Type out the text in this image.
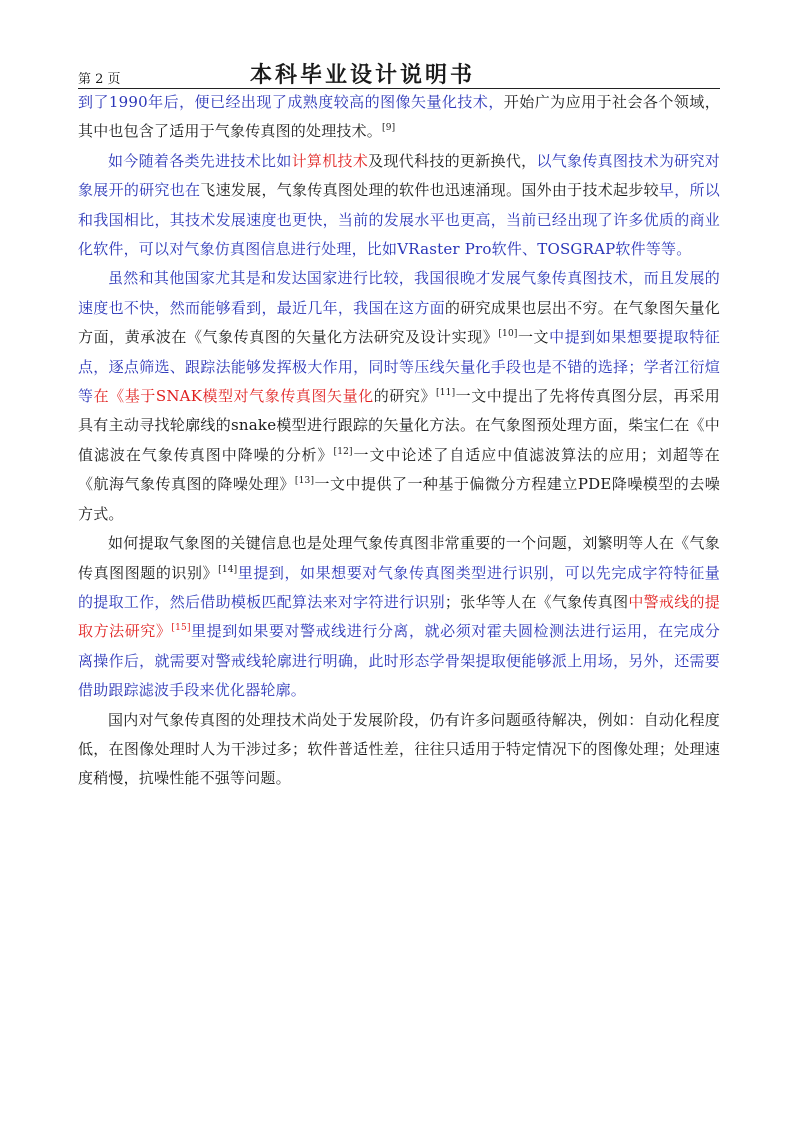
第 2 页	本科毕业设计说明书

到了1990年后，便已经出现了成熟度较高的图像矢量化技术，开始广为应用于社会各个领域，其中也包含了适用于气象传真图的处理技术。[9]

如今随着各类先进技术比如计算机技术及现代科技的更新换代，以气象传真图技术为研究对象展开的研究也在飞速发展，气象传真图处理的软件也迅速涌现。国外由于技术起步较早，所以和我国相比，其技术发展速度也更快，当前的发展水平也更高，当前已经出现了许多优质的商业化软件，可以对气象仿真图信息进行处理，比如VRaster Pro软件、TOSGRAP软件等等。

虽然和其他国家尤其是和发达国家进行比较，我国很晚才发展气象传真图技术，而且发展的速度也不快，然而能够看到，最近几年，我国在这方面的研究成果也层出不穷。在气象图矢量化方面，黄承波在《气象传真图的矢量化方法研究及设计实现》[10]一文中提到如果想要提取特征点，逐点筛选、跟踪法能够发挥极大作用，同时等压线矢量化手段也是不错的选择；学者江衍煊等在《基于SNAK模型对气象传真图矢量化的研究》[11]一文中提出了先将传真图分层，再采用具有主动寻找轮廓线的snake模型进行跟踪的矢量化方法。在气象图预处理方面，柴宝仁在《中值滤波在气象传真图中降噪的分析》[12]一文中论述了自适应中值滤波算法的应用；刘超等在《航海气象传真图的降噪处理》[13]一文中提供了一种基于偏微分方程建立PDE降噪模型的去噪方式。

如何提取气象图的关键信息也是处理气象传真图非常重要的一个问题，刘繁明等人在《气象传真图图题的识别》[14]里提到，如果想要对气象传真图类型进行识别，可以先完成字符特征量的提取工作，然后借助模板匹配算法来对字符进行识别；张华等人在《气象传真图中警戒线的提取方法研究》[15]里提到如果要对警戒线进行分离，就必须对霍夫圆检测法进行运用，在完成分离操作后，就需要对警戒线轮廓进行明确，此时形态学骨架提取便能够派上用场，另外，还需要借助跟踪滤波手段来优化器轮廓。

国内对气象传真图的处理技术尚处于发展阶段，仍有许多问题亟待解决，例如：自动化程度低，在图像处理时人为干涉过多；软件普适性差，往往只适用于特定情况下的图像处理；处理速度稍慢，抗噪性能不强等问题。
